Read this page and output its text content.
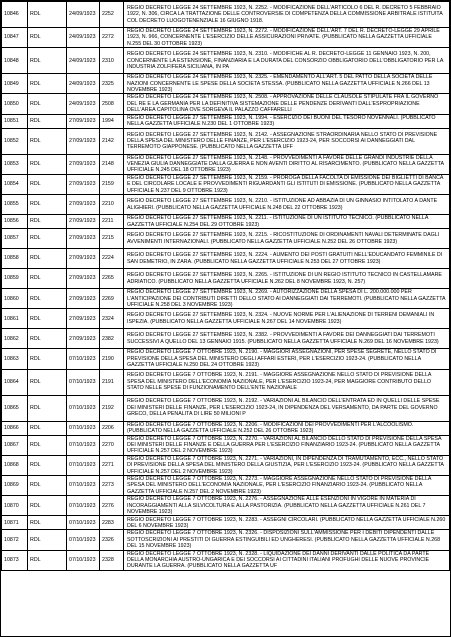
10846	RDL	24/09/1923	2252	REGIO DECRETO LEGGE 24 SETTEMBRE 1923, N. 2252. - MODIFICAZIONE DELL'ARTICOLO 6 DEL R. DECRETO 5 FEBBRAIO 1922, N. 306, CIRCA LA TRATTAZIONE DELLE CONTROVERSIE DI COMPETENZA DELLA COMMISSIONE ARBITRALE ISTITUITA COL DECRETO LUOGOTENENZIALE 16 GIUGNO 1918.
10847	RDL	24/09/1923	2272	REGIO DECRETO LEGGE 24 SETTEMBRE 1923, N. 2272. - MODIFICAZIONE DELL'ART. 7 DEL R. DECRETO-LEGGE 29 APRILE 1923, N. 966, CONCERNENTE L'ESERCIZIO DELLE ASSICURAZIONI PRIVATE. (PUBBLICATO NELLA GAZZETTA UFFICIALE N.255 DEL 30 OTTOBRE 1923)
10848	RDL	24/09/1923	2310	REGIO DECRETO LEGGE 24 SETTEMBRE 1923, N. 2310. - MODIFICHE AL R. DECRETO-LEGGE 11 GENNAIO 1923, N. 200, CONCERNENTE LA ESTENSIONE, FINANZIARIA E LA DURATA DEL CONSORZIO OBBLIGATORIO DELL'OBBLIGATORIO PER LA INDUSTRIA ZOLFIFERA SICILIANA, IN PA
10849	RDL	24/09/1923	2325	REGIO DECRETO LEGGE 24 SETTEMBRE 1923, N. 2325. - EMENDAMENTO ALL'ART. 5 DEL PATTO DELLA SOCIETA DELLE NAZIONI CONCERNENTE LE SPESE DELLA SOCIETA STESSA. (PUBBLICATO NELLA GAZZETTA UFFICIALE N.266 DEL 13 NOVEMBRE 1923)
10850	RDL	24/09/1923	2508	REGIO DECRETO LEGGE 24 SETTEMBRE 1923, N. 2508. - APPROVAZIONE DELLE CLAUSOLE STIPULATE FRA IL GOVERNO DEL RE E LA GERMANIA PER LA DEFINITIVA SISTEMAZIONE DELLE PENDENZE DERIVANTI DALL'ESPROPRIAZIONE DELL'AREA CAPITOLINA OVE SORGEVA IL PALAZZO CAFFARELLI
10851	RDL	27/09/1923	1994	REGIO DECRETO LEGGE 27 SETTEMBRE 1923, N. 1994. - ESERCIZIO DEI BUONI DEL TESORO NOVENNALI. (PUBBLICATO NELLA GAZZETTA UFFICIALE N.230 DEL 1 OTTOBRE 1923)
10852	RDL	27/09/1923	2142	REGIO DECRETO LEGGE 27 SETTEMBRE 1923, N. 2142. - ASSEGNAZIONE STRAORDINARIA NELLO STATO DI PREVISIONE DELLA SPESA DEL MINISTERO DELLE FINANZE, PER L'ESERCIZIO 1923-24, PER SOCCORSI AI DANNEGGIATI DAL TERREMOTO GIAPPONESE. (PUBBLICATO NELLA GAZZETTA UFF
10853	RDL	27/09/1923	2148	REGIO DECRETO LEGGE 27 SETTEMBRE 1923, N. 2148. - PROVVEDIMENTI A FAVORE DELLE GRANDI INDUSTRIE DELLA VENEZIA GIULIA DANNEGGIATE DALLA GUERRA E NON AVENTI DIRITTO AL RISARCIMENTO. (PUBBLICATO NELLA GAZZETTA UFFICIALE N.245 DEL 18 OTTOBRE 1923)
10854	RDL	27/09/1923	2159	REGIO DECRETO LEGGE 27 SETTEMBRE 1923, N. 2159. - PROROGA DELLA FACOLTA DI EMISSIONE DEI BIGLIETTI DI BANCA E DEL CIRCOLARE LOCALE E PROVVEDIMENTI RIGUARDANTI GLI ISTITUTI DI EMISSIONE. (PUBBLICATO NELLA GAZZETTA UFFICIALE N.237 DEL 9 OTTOBRE 1923)
10855	RDL	27/09/1923	2210	REGIO DECRETO LEGGE 27 SETTEMBRE 1923, N. 2210. - ISTITUZIONE AD ABBAZIA DI UN GINNASIO INTITOLATO A DANTE ALIGHIERI. (PUBBLICATO NELLA GAZZETTA UFFICIALE N.248 DEL 22 OTTOBRE 1923)
10856	RDL	27/09/1923	2211	REGIO DECRETO LEGGE 27 SETTEMBRE 1923, N. 2211. - ISTITUZIONE DI UN ISTITUTO TECNICO. (PUBBLICATO NELLA GAZZETTA UFFICIALE N.254 DEL 29 OTTOBRE 1923)
10857	RDL	27/09/1923	2215	REGIO DECRETO LEGGE 27 SETTEMBRE 1923, N. 2215. - RICOSTITUZIONE DI ORDINAMENTI NAVALI DETERMINATE DAGLI AVVENIMENTI INTERNAZIONALI. (PUBBLICATO NELLA GAZZETTA UFFICIALE N.252 DEL 26 OTTOBRE 1923)
10858	RDL	27/09/1923	2224	REGIO DECRETO LEGGE 27 SETTEMBRE 1923, N. 2224. - AUMENTO DEI POSTI GRATUITI NELL'EDUCANDATO FEMMINILE DI SAN DEMETRIO, IN ZARA. (PUBBLICATO NELLA GAZZETTA UFFICIALE N.253 DEL 27 OTTOBRE 1923)
10859	RDL	27/09/1923	2265	REGIO DECRETO LEGGE 27 SETTEMBRE 1923, N. 2265. - ISTITUZIONE DI UN REGIO ISTITUTO TECNICO IN CASTELLAMARE ADRIATICO. (PUBBLICATO NELLA GAZZETTA UFFICIALE N.262 DEL 8 NOVEMBRE 1923, N. 257)
10860	RDL	27/09/1923	2269	REGIO DECRETO LEGGE 27 SETTEMBRE 1923, N. 2269. - AUTORIZZAZIONE DELLA SPESA DI L. 200.000.000 PER L'ANTICIPAZIONE DEI CONTRIBUTI DIRETTI DELLO STATO AI DANNEGGIATI DAI TERREMOTI. (PUBBLICATO NELLA GAZZETTA UFFICIALE N.258 DEL 3 NOVEMBRE 1923)
10861	RDL	27/09/1923	2324	REGIO DECRETO LEGGE 27 SETTEMBRE 1923, N. 2324. - NUOVE NORME PER L'ALIENAZIONE DI TERRENI DEMANIALI IN ISPEZIA. (PUBBLICATO NELLA GAZZETTA UFFICIALE N.267 DEL 14 NOVEMBRE 1923)
10862	RDL	27/09/1923	2382	REGIO DECRETO LEGGE 27 SETTEMBRE 1923, N. 2382. - PROVVEDIMENTI A FAVORE DEI DANNEGGIATI DAI TERREMOTI SUCCESSIVI A QUELLO DEL 13 GENNAIO 1915. (PUBBLICATO NELLA GAZZETTA UFFICIALE N.269 DEL 16 NOVEMBRE 1923)
10863	RDL	07/10/1923	2190	REGIO DECRETO LEGGE 7 OTTOBRE 1923, N. 2190. - MAGGIORI ASSEGNAZIONI, PER SPESE SEGRETE, NELLO STATO DI PREVISIONE DELLA SPESA DEL MINISTERO DEGLI AFFARI ESTERI, PER L'ESERCIZIO 1923-24. (PUBBLICATO NELLA GAZZETTA UFFICIALE N.250 DEL 24 OTTOBRE 1923)
10864	RDL	07/10/1923	2191	REGIO DECRETO LEGGE 7 OTTOBRE 1923, N. 2191. - MAGGIORE ASSEGNAZIONE NELLO STATO DI PREVISIONE DELLA SPESA DEL MINISTERO DELL'ECONOMIA NAZIONALE, PER L'ESERCIZIO 1923-24, PER MAGGIORE CONTRIBUTO DELLO STATO NELLE SPESE DI FUNZIONAMENTO DELL'ENTE NAZIONALE
10865	RDL	07/10/1923	2192	REGIO DECRETO LEGGE 7 OTTOBRE 1923, N. 2192. - VARIAZIONI AL BILANCIO DELL'ENTRATA ED IN QUELLI DELLE SPESE DEI MINISTERI DELLE FINANZE, PER L'ESERCIZIO 1923-24, IN DIPENDENZA DEL VERSAMENTO, DA PARTE DEL GOVERNO GRECO, DELLA PENALITA DI LIRE 50 MILIONI P
10866	RDL	07/10/1923	2206	REGIO DECRETO LEGGE 7 OTTOBRE 1923, N. 2206. - MODIFICAZIONI DEI PROVVEDIMENTI PER L'ALCOOLISMO. (PUBBLICATO NELLA GAZZETTA UFFICIALE N.252 DEL 26 OTTOBRE 1923)
10867	RDL	07/10/1923	2270	REGIO DECRETO LEGGE 7 OTTOBRE 1923, N. 2270. - VARIAZIONI AL BILANCIO DELLO STATO DI PREVISIONE DELLA SPESA DEI MINISTERI DELLE FINANZE E DELLA GUERRA PER L'ESERCIZIO FINANZIARIO 1923-24. (PUBBLICATO NELLA GAZZETTA UFFICIALE N.257 DEL 2 NOVEMBRE 1923)
10868	RDL	07/10/1923	2271	REGIO DECRETO LEGGE 7 OTTOBRE 1923, N. 2271. - VARIAZIONI, IN DIPENDENZA DI TRAMUTAMENTO, ECC., NELLO STATO DI PREVISIONE DELLA SPESA DEL MINISTERO DELLA GIUSTIZIA, PER L'ESERCIZIO 1923-24. (PUBBLICATO NELLA GAZZETTA UFFICIALE N.257 DEL 2 NOVEMBRE 1923)
10869	RDL	07/10/1923	2273	REGIO DECRETO LEGGE 7 OTTOBRE 1923, N. 2273. - MAGGIORE ASSEGNAZIONE NELLO STATO DI PREVISIONE DELLA SPESA DEL MINISTERO DELL'ECONOMIA NAZIONALE, PER L'ESERCIZIO FINANZIARIO 1923-24. (PUBBLICATO NELLA GAZZETTA UFFICIALE N.257 DEL 2 NOVEMBRE 1923)
10870	RDL	07/10/1923	2276	REGIO DECRETO LEGGE 7 OTTOBRE 1923, N. 2276. - ASSEGNAZIONE ALLE ESENZIONI IN VIGORE IN MATERIA DI INCORAGGIAMENTI ALLA SILVICOLTURA E ALLA PASTORIZIA. (PUBBLICATO NELLA GAZZETTA UFFICIALE N.261 DEL 7 NOVEMBRE 1923)
10871	RDL	07/10/1923	2283	REGIO DECRETO LEGGE 7 OTTOBRE 1923, N. 2283. - ASSEGNI CIRCOLARI. (PUBBLICATO NELLA GAZZETTA UFFICIALE N.260 DEL 6 NOVEMBRE 1923)
10872	RDL	07/10/1923	2326	REGIO DECRETO LEGGE 7 OTTOBRE 1923, N. 2326. - DISPOSIZIONI SULL'AMMISSIONE PER I DEBITI DIPENDENTI DALLE SOTTOSCRIZIONI AI PRESTITI DI GUERRA ESTINGUIBILI ED UNGHERESI. (PUBBLICATO NELLA GAZZETTA UFFICIALE N.268 DEL 15 NOVEMBRE 1923)
10873	RDL	07/10/1923	2328	REGIO DECRETO LEGGE 7 OTTOBRE 1923, N. 2328. - LIQUIDAZIONE DEI DANNI DERIVANTI DALLE POLITICA DA PARTE DELLA MONARCHIA AUSTRO-UNGARICA E DEI SOCCORSI AI CITTADINI ITALIANI PROFUGHI DELLE NUOVE PROVINCIE DURANTE LA GUERRA. (PUBBLICATO NELLA GAZZETTA UF
